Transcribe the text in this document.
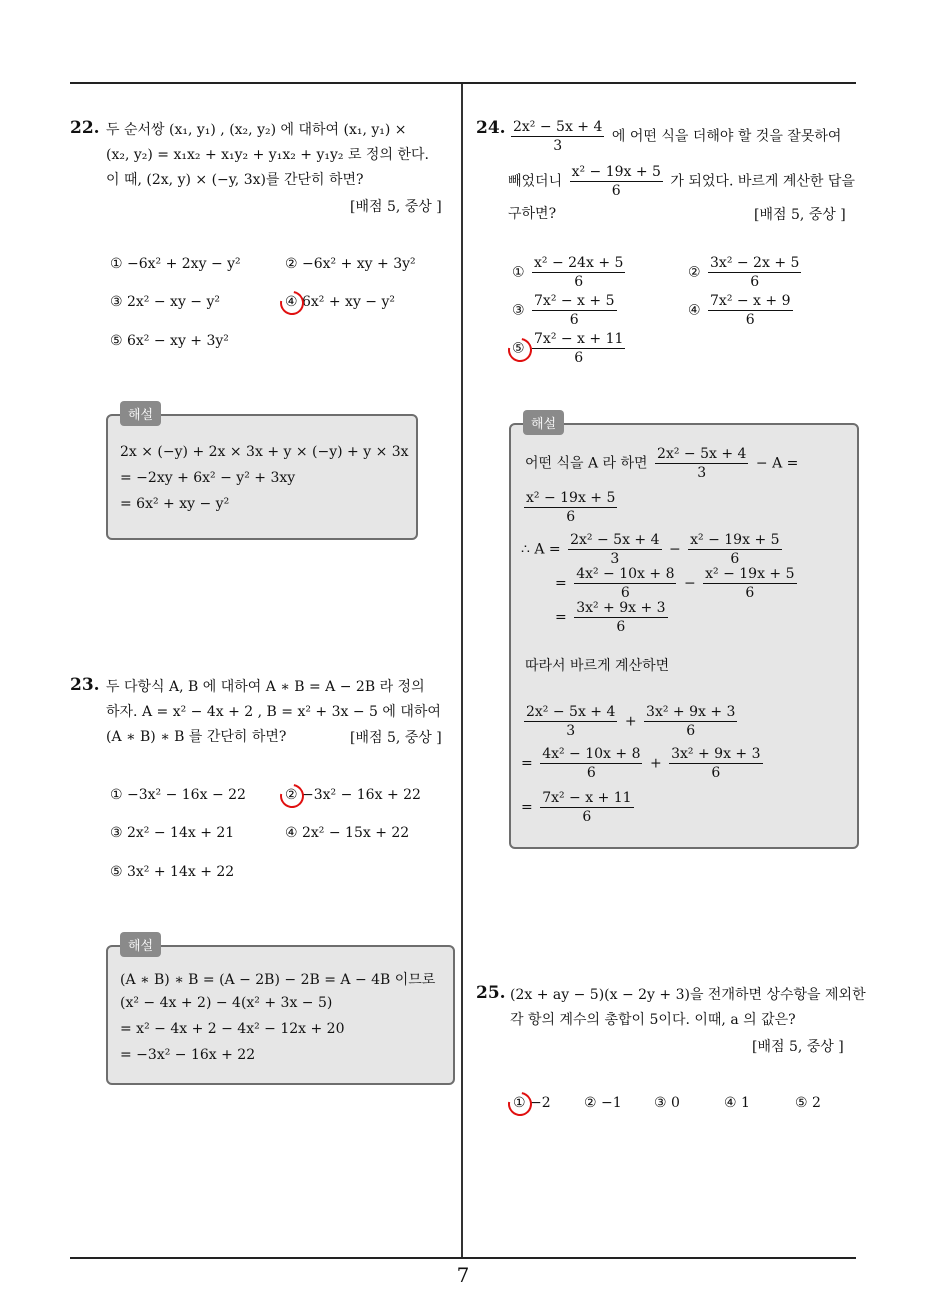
22. 두 순서쌍 (x₁, y₁) , (x₂, y₂) 에 대하여 (x₁, y₁) ×
(x₂, y₂) = x₁x₂ + x₁y₂ + y₁x₂ + y₁y₂ 로 정의 한다.
이 때, (2x, y) × (−y, 3x)를 간단히 하면?
[배점 5, 중상 ]
① −6x² + 2xy − y²	② −6x² + xy + 3y²
③ 2x² − xy − y²	④ 6x² + xy − y²
⑤ 6x² − xy + 3y²
2x × (−y) + 2x × 3x + y × (−y) + y × 3x
= −2xy + 6x² − y² + 3xy
= 6x² + xy − y²
해설
23. 두 다항식 A, B 에 대하여 A ∗ B = A − 2B 라 정의
하자. A = x² − 4x + 2 , B = x² + 3x − 5 에 대하여
(A ∗ B) ∗ B 를 간단히 하면?	[배점 5, 중상 ]
① −3x² − 16x − 22	② −3x² − 16x + 22
③ 2x² − 14x + 21	④ 2x² − 15x + 22
⑤ 3x² + 14x + 22
(A ∗ B) ∗ B = (A − 2B) − 2B = A − 4B 이므로
(x² − 4x + 2) − 4(x² + 3x − 5)
= x² − 4x + 2 − 4x² − 12x + 20
= −3x² − 16x + 22
해설
24. $\frac{\text{2x² − 5x + 4}}{3}$ 에 어떤 식을 더해야 할 것을 잘못하여
빼었더니 $\frac{\text{x² − 19x + 5}}{6}$ 가 되었다. 바르게 계산한 답을
구하면?	[배점 5, 중상 ]
① $\frac{\text{x² − 24x + 5}}{6}$	② $\frac{\text{3x² − 2x + 5}}{6}$
③ $\frac{\text{7x² − x + 5}}{6}$	④ $\frac{\text{7x² − x + 9}}{6}$
⑤ $\frac{\text{7x² − x + 11}}{6}$
어떤 식을 A 라 하면 $\frac{\text{2x² − 5x + 4}}{3} - A$ =
$\frac{\text{x² − 19x + 5}}{6}$
∴ $A = \frac{\text{2x² − 5x + 4}}{3} - \frac{\text{x² − 19x + 5}}{6}$
= $\frac{\text{4x² − 10x + 8}}{6} - \frac{\text{x² − 19x + 5}}{6}$
= $\frac{\text{3x² + 9x + 3}}{6}$
따라서 바르게 계산하면
$\frac{\text{2x² − 5x + 4}}{3} + \frac{\text{3x² + 9x + 3}}{6}$
= $\frac{\text{4x² − 10x + 8}}{6} + \frac{\text{3x² + 9x + 3}}{6}$
= $\frac{\text{7x² − x + 11}}{6}$
해설
25. (2x + ay − 5)(x − 2y + 3)을 전개하면 상수항을 제외한
각 항의 계수의 총합이 5이다. 이때, a 의 값은?
[배점 5, 중상 ]
① −2 ② −1 ③ 0	④ 1	⑤ 2
7
